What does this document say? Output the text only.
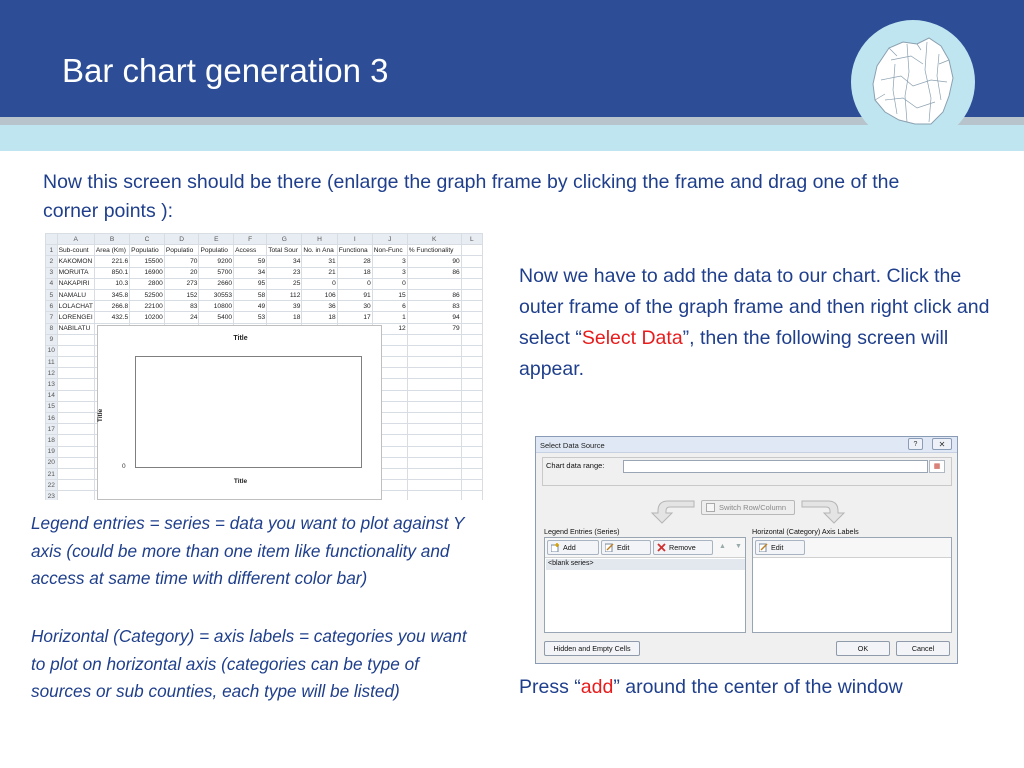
Bar chart generation 3
Now this screen should be there (enlarge the graph frame by clicking the frame and drag one of the corner points ):
	A	B	C	D	E	F	G	H	I	J	K	L
1	Sub-count	Area (Km)	Populatio	Populatio	Populatio	Access	Total Sour	No. in Ana	Functiona	Non-Func	% Functionality	
2	KAKOMON	221.6	15500	70	9200	59	34	31	28	3	90	
3	MORUITA	850.1	16900	20	5700	34	23	21	18	3	86	
4	NAKAPIRI	10.3	2800	273	2660	95	25	0	0	0		
5	NAMALU	345.8	52500	152	30553	58	112	106	91	15	86	
6	LOLACHAT	266.8	22100	83	10800	49	39	36	30	6	83	
7	LORENGEI	432.5	10200	24	5400	53	18	18	17	1	94	
8	NABILATU									12	79	
9												
10												
11												
12												
13												
14												
15												
16												
17												
18												
19												
20												
21												
22												
23												
Title
Title
0
Title
Now we have to add the data to our chart. Click the outer frame of the graph frame and then right click and select “Select Data”, then the following screen will appear.
Select Data Source	?	✕
Chart data range:	▦
Switch Row/Column
Legend Entries (Series)	Horizontal (Category) Axis Labels
Add	Edit	Remove	▲	▼
<blank series>
Edit
Hidden and Empty Cells	OK	Cancel
Legend entries = series = data you want to plot against Y axis (could be more than one item like functionality and access at same time with different color bar)
Horizontal (Category) = axis labels = categories you want to plot on horizontal axis (categories can be type of sources or sub counties, each type will be listed)	Press “add” around the center of the window
